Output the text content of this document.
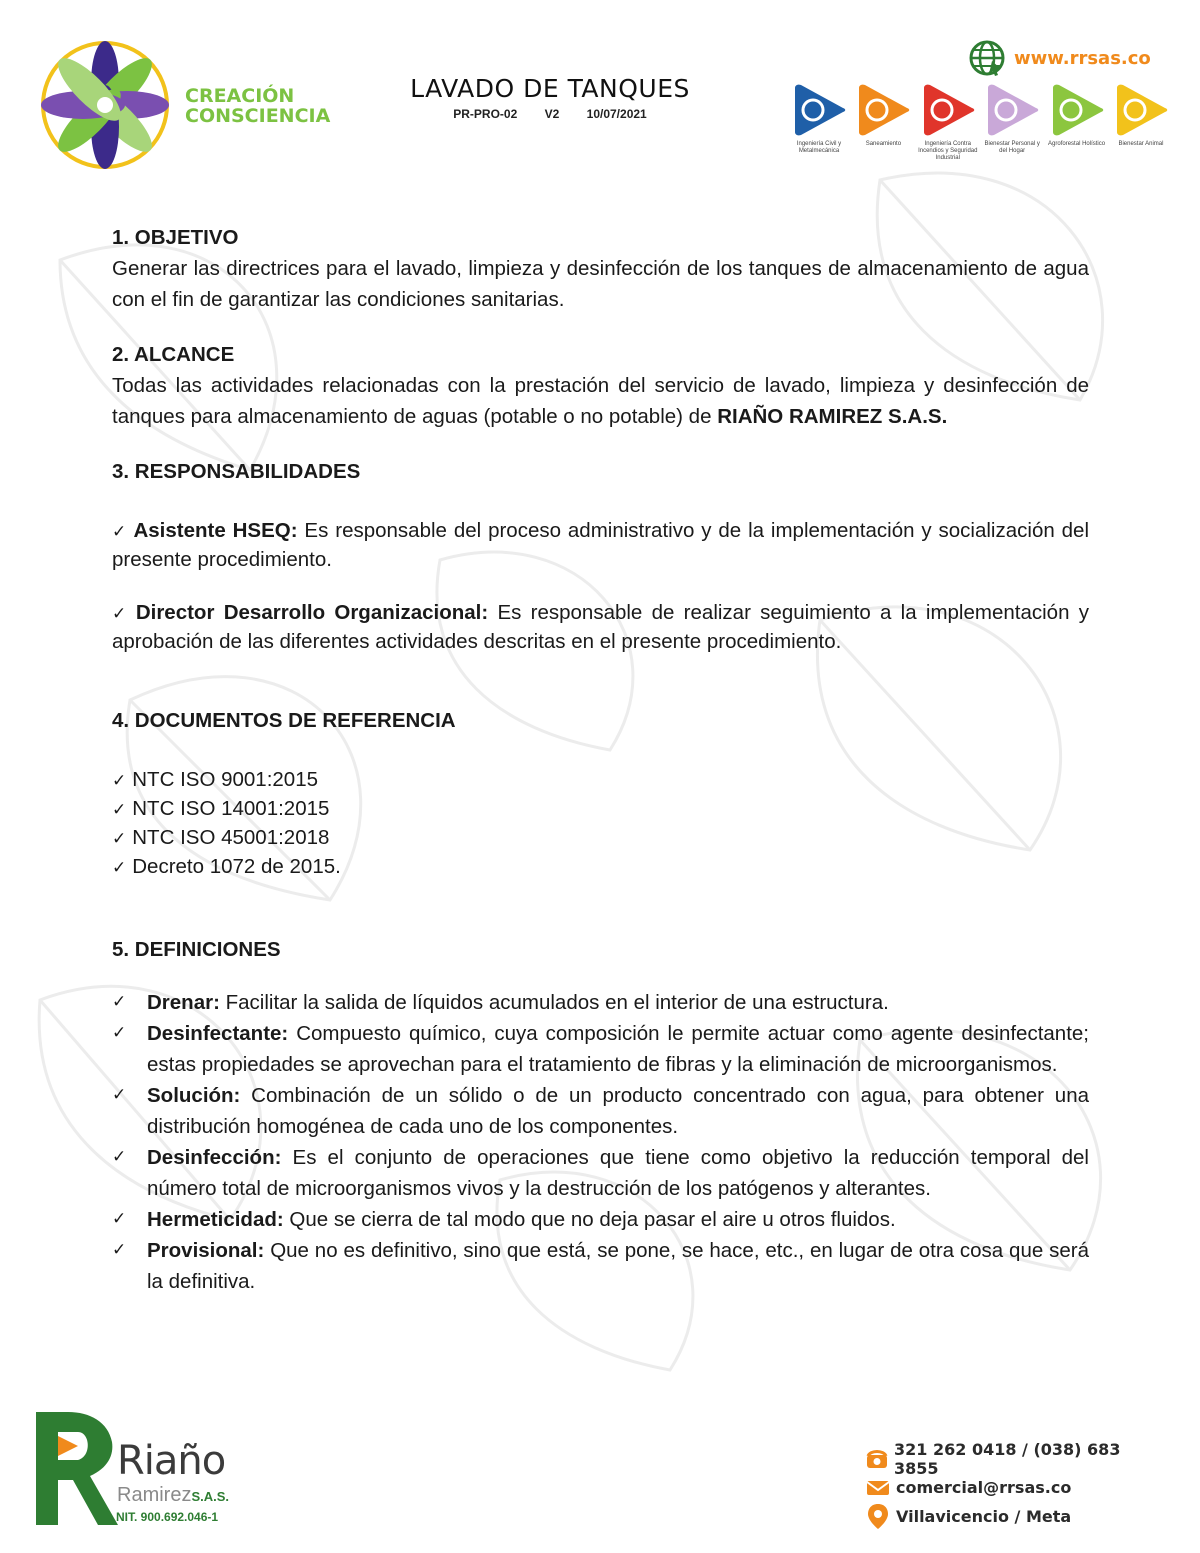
CREACIÓN
CONSCIENCIA
LAVADO DE TANQUES
PR-PRO-02 V2 10/07/2021
www.rrsas.co
Ingeniería Civil y Metalmecánica
Saneamiento	Ingeniería Contra Incendios y Seguridad Industrial
Bienestar Personal y del Hogar
Agroforestal Holístico	Bienestar Animal

1. OBJETIVO

Generar las directrices para el lavado, limpieza y desinfección de los tanques de almacenamiento de agua con el fin de garantizar las condiciones sanitarias.

2. ALCANCE

Todas las actividades relacionadas con la prestación del servicio de lavado, limpieza y desinfección de tanques para almacenamiento de aguas (potable o no potable) de RIAÑO RAMIREZ S.A.S.

3. RESPONSABILIDADES

✓ Asistente HSEQ: Es responsable del proceso administrativo y de la implementación y socialización del presente procedimiento.

✓ Director Desarrollo Organizacional: Es responsable de realizar seguimiento a la implementación y aprobación de las diferentes actividades descritas en el presente procedimiento.

4. DOCUMENTOS DE REFERENCIA

✓ NTC ISO 9001:2015
✓ NTC ISO 14001:2015
✓ NTC ISO 45001:2018
✓ Decreto 1072 de 2015.

5. DEFINICIONES

✓ Drenar: Facilitar la salida de líquidos acumulados en el interior de una estructura.
✓ Desinfectante: Compuesto químico, cuya composición le permite actuar como agente desinfectante; estas propiedades se aprovechan para el tratamiento de fibras y la eliminación de microorganismos.
✓ Solución: Combinación de un sólido o de un producto concentrado con agua, para obtener una distribución homogénea de cada uno de los componentes.
✓ Desinfección: Es el conjunto de operaciones que tiene como objetivo la reducción temporal del número total de microorganismos vivos y la destrucción de los patógenos y alterantes.
✓ Hermeticidad: Que se cierra de tal modo que no deja pasar el aire u otros fluidos.
✓ Provisional: Que no es definitivo, sino que está, se pone, se hace, etc., en lugar de otra cosa que será la definitiva.
Riaño
RamirezS.A.S.
NIT. 900.692.046-1
321 262 0418 / (038) 683 3855
comercial@rrsas.co
Villavicencio / Meta
